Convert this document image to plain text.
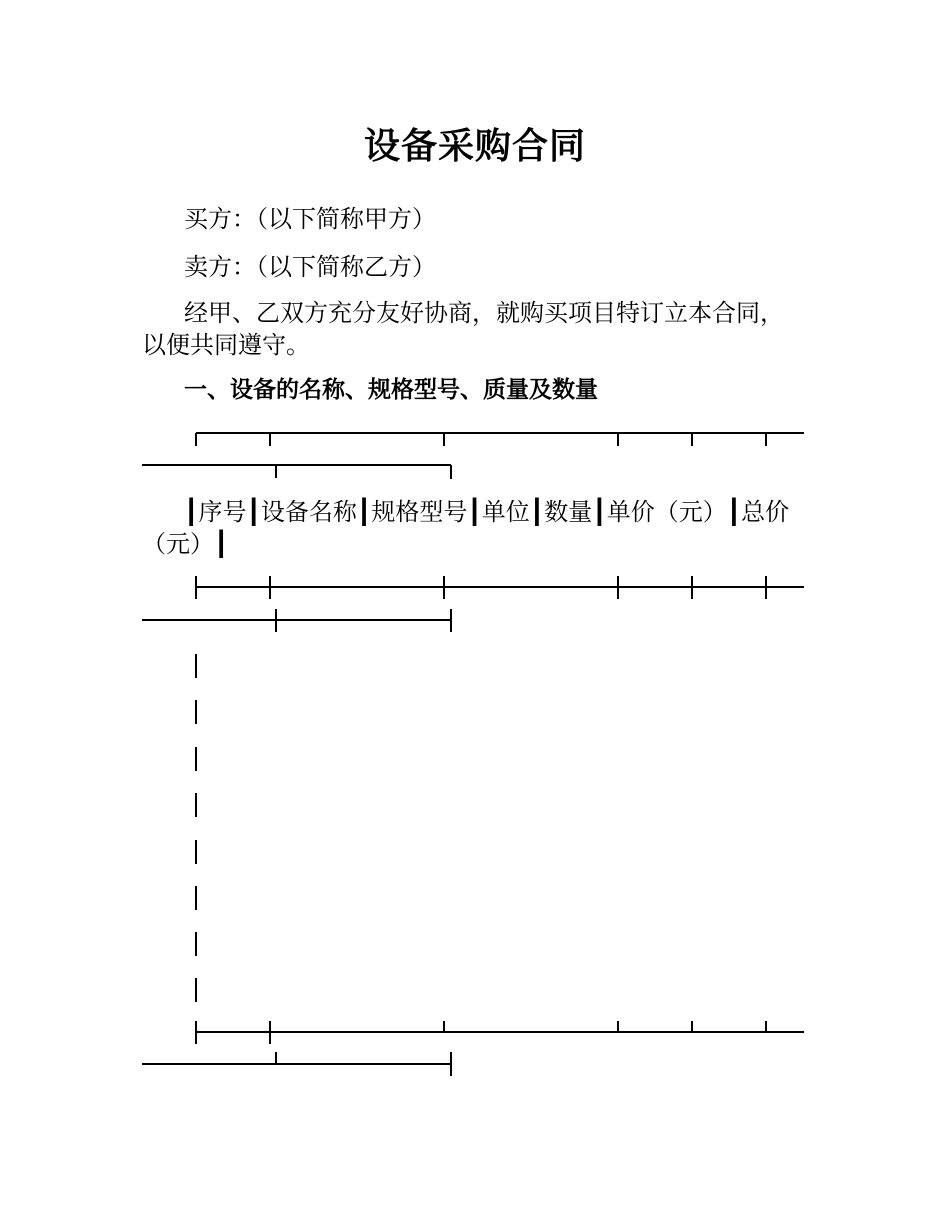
设备采购合同
买方：（以下简称甲方）
卖方：（以下简称乙方）
经甲、乙双方充分友好协商，就购买项目特订立本合同，以便共同遵守。
一、设备的名称、规格型号、质量及数量
┃序号┃设备名称┃规格型号┃单位┃数量┃单价（元）┃总价（元）┃
